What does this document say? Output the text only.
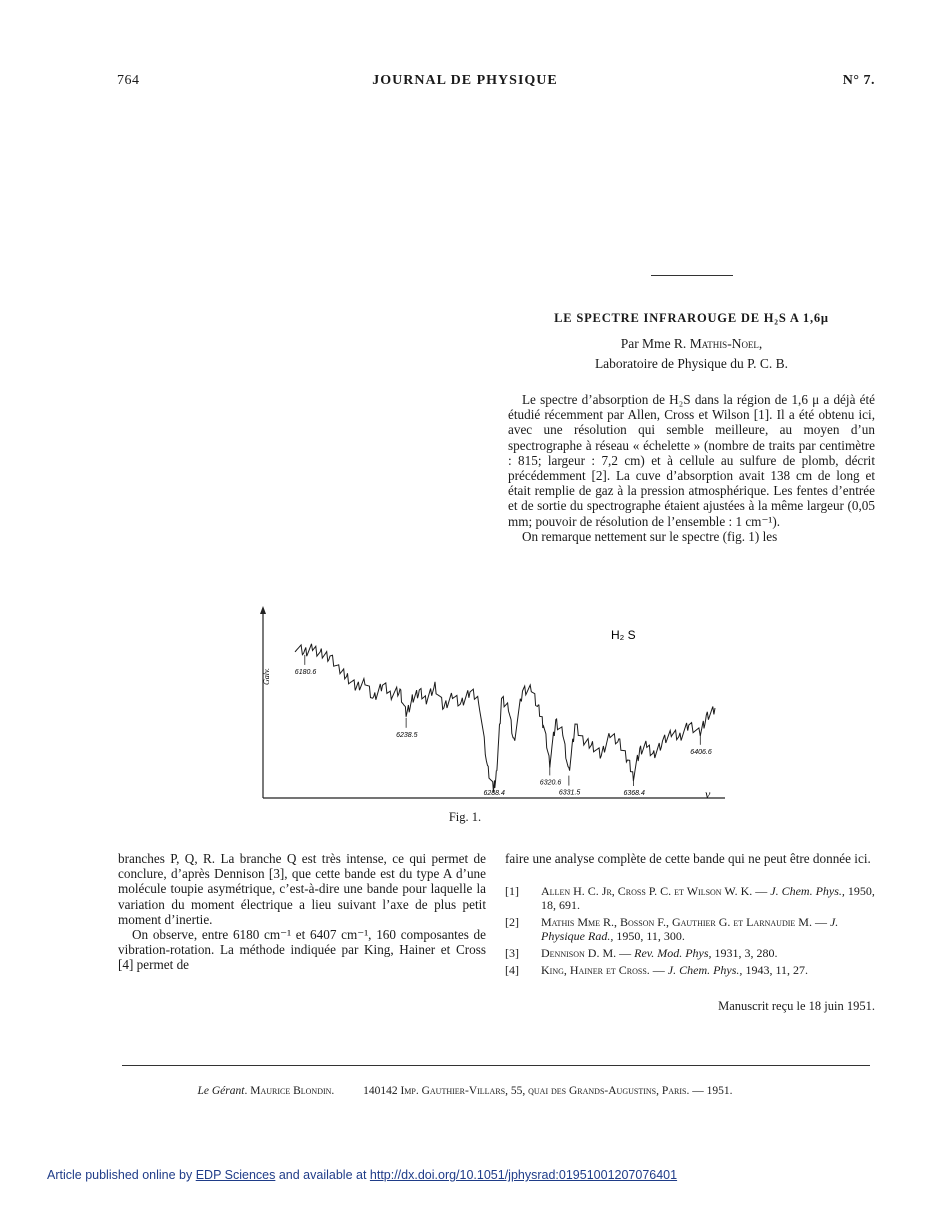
764	JOURNAL DE PHYSIQUE	N° 7.
LE SPECTRE INFRAROUGE DE H₂S A 1,6μ
Par Mme R. Mathis-Noel,
Laboratoire de Physique du P. C. B.

Le spectre d’absorption de H₂S dans la région de 1,6 μ a déjà été étudié récemment par Allen, Cross et Wilson [1]. Il a été obtenu ici, avec une résolution qui semble meilleure, au moyen d’un spectrographe à réseau « échelette » (nombre de traits par centimètre : 815; largeur : 7,2 cm) et à cellule au sulfure de plomb, décrit précédemment [2]. La cuve d’absorption avait 138 cm de long et était remplie de gaz à la pression atmosphérique. Les fentes d’entrée et de sortie du spectrographe étaient ajustées à la même largeur (0,05 mm; pouvoir de résolution de l’ensemble : 1 cm⁻¹).

On remarque nettement sur le spectre (fig. 1) les

Galv.
ν
H₂ S
6180.6
6238.5
6288.4
6320.6
6331.5	6368.4
6406.6
Fig. 1.

branches P, Q, R. La branche Q est très intense, ce qui permet de conclure, d’après Dennison [3], que cette bande est du type A d’une molécule toupie asymétrique, c’est-à-dire une bande pour laquelle la variation du moment électrique a lieu suivant l’axe de plus petit moment d’inertie.

On observe, entre 6180 cm⁻¹ et 6407 cm⁻¹, 160 composantes de vibration-rotation. La méthode indiquée par King, Hainer et Cross [4] permet de

faire une analyse complète de cette bande qui ne peut être donnée ici.

[1] Allen H. C. Jr, Cross P. C. et Wilson W. K. — J. Chem. Phys., 1950, 18, 691.
[2] Mathis Mme R., Bosson F., Gauthier G. et Larnaudie M. — J. Physique Rad., 1950, 11, 300.
[3] Dennison D. M. — Rev. Mod. Phys, 1931, 3, 280.
[4] King, Hainer et Cross. — J. Chem. Phys., 1943, 11, 27.
Manuscrit reçu le 18 juin 1951.
Le Gérant. Maurice Blondin.	140142 Imp. Gauthier-Villars, 55, quai des Grands-Augustins, Paris. — 1951.
Article published online by EDP Sciences and available at http://dx.doi.org/10.1051/jphysrad:01951001207076401
